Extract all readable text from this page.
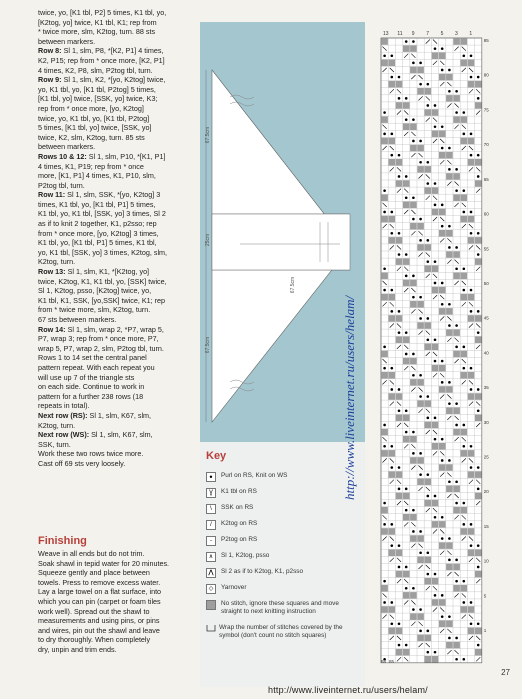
twice, yo, [K1 tbl, P2] 5 times, K1 tbl, yo,

[K2tog, yo] twice, K1 tbl, K1; rep from

* twice more, slm, K2tog, turn. 88 sts

between markers.

Row 8: Sl 1, slm, P8, *[K2, P1] 4 times,

K2, P15; rep from * once more, [K2, P1]

4 times, K2, P8, slm, P2tog tbl, turn.

Row 9: Sl 1, slm, K2, *[yo, K2tog] twice,

yo, K1 tbl, yo, [K1 tbl, P2tog] 5 times,

[K1 tbl, yo] twice, [SSK, yo] twice, K3;

rep from * once more, [yo, K2tog]

twice, yo, K1 tbl, yo, [K1 tbl, P2tog]

5 times, [K1 tbl, yo] twice, [SSK, yo]

twice, K2, slm, K2tog, turn. 85 sts

between markers.

Rows 10 & 12: Sl 1, slm, P10, *[K1, P1]

4 times, K1, P19; rep from * once

more, [K1, P1] 4 times, K1, P10, slm,

P2tog tbl, turn.

Row 11: Sl 1, slm, SSK, *[yo, K2tog] 3

times, K1 tbl, yo, [K1 tbl, P1] 5 times,

K1 tbl, yo, K1 tbl, [SSK, yo] 3 times, Sl 2

as if to knit 2 together, K1, p2sso; rep

from * once more, [yo, K2tog] 3 times,

K1 tbl, yo, [K1 tbl, P1] 5 times, K1 tbl,

yo, K1 tbl, [SSK, yo] 3 times, K2tog, slm,

K2tog, turn.

Row 13: Sl 1, slm, K1, *[K2tog, yo]

twice, K2tog, K1, K1 tbl, yo, [SSK] twice,

Sl 1, K2tog, psso, [K2tog] twice, yo,

K1 tbl, K1, SSK, [yo,SSK] twice, K1; rep

from * twice more, slm, K2tog, turn.

67 sts between markers.

Row 14: Sl 1, slm, wrap 2, *P7, wrap 5,

P7, wrap 3; rep from * once more, P7,

wrap 5, P7, wrap 2, slm, P2tog tbl, turn.

Rows 1 to 14 set the central panel

pattern repeat. With each repeat you

will use up 7 of the triangle sts

on each side. Continue to work in

pattern for a further 238 rows (18

repeats in total).

Next row (RS): Sl 1, slm, K67, slm,

K2tog, turn.

Next row (WS): Sl 1, slm, K67, slm,

SSK, turn.

Work these two rows twice more.

Cast off 69 sts very loosely.

Finishing
Weave in all ends but do not trim.
Soak shawl in tepid water for 20 minutes.
Squeeze gently and place between
towels. Press to remove excess water.
Lay a large towel on a flat surface, into
which you can pin (carpet or foam tiles
work well). Spread out the shawl to
measurements and using pins, or pins
and wires, pin out the shawl and leave
to dry thoroughly. When completely
dry, unpin and trim ends.
67.5cm
25cm
67.5cm
67.5cm
Key
•
Purl on RS, Knit on WS
Ɣ
K1 tbl on RS
\
SSK on RS
/
K2tog on RS
-
P2tog on RS
∧
Sl 1, K2tog, psso
⋀
Sl 2 as if to K2tog, K1, p2sso
◇
Yarnover
No stitch, ignore these squares and move straight to next knitting instruction
Wrap the number of stitches covered by the symbol (don't count no stitch squares)
http://www.liveinternet.ru/users/helam/
13 11 9 7 5 3 1
85
80
75
70
65
60
55
50
45
40
35
30
25
20
15
10
5
1
88 85
27
http://www.liveinternet.ru/users/helam/
